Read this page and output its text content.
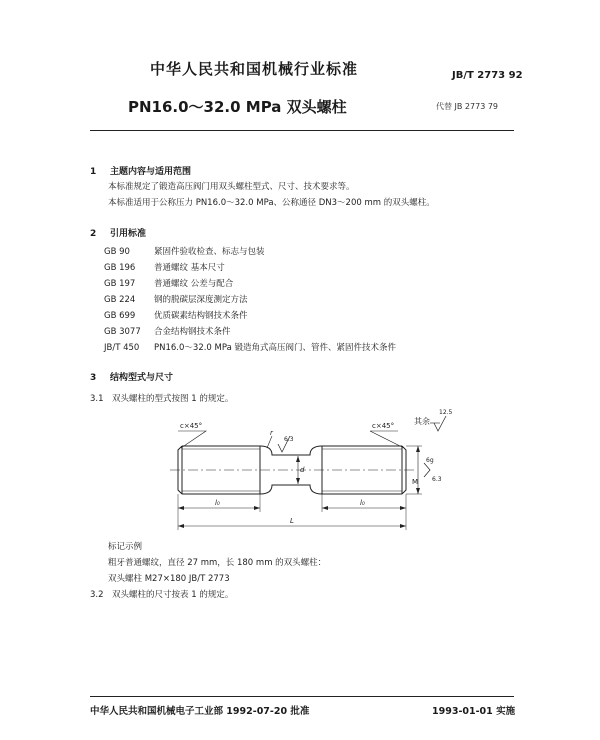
中华人民共和国机械行业标准	JB/T 2773 92
PN16.0～32.0 MPa 双头螺柱	代替 JB 2773 79
1 主题内容与适用范围
本标准规定了锻造高压阀门用双头螺柱型式、尺寸、技术要求等。
本标准适用于公称压力 PN16.0～32.0 MPa、公称通径 DN3～200 mm 的双头螺柱。
2 引用标准
GB 90	紧固件验收检查、标志与包装
GB 196 普通螺纹 基本尺寸
GB 197 普通螺纹 公差与配合
GB 224 钢的脱碳层深度测定方法
GB 699 优质碳素结构钢技术条件
GB 3077 合金结构钢技术条件
JB/T 450 PN16.0～32.0 MPa 锻造角式高压阀门、管件、紧固件技术条件
3 结构型式与尺寸
3.1 双头螺柱的型式按图 1 的规定。
c×45°	c×45° 其余
12.5
r
6.3
d
M
6g
6.3
l₀	l₀
L
标记示例
粗牙普通螺纹，直径 27 mm，长 180 mm 的双头螺柱：
双头螺柱 M27×180 JB/T 2773
3.2 双头螺柱的尺寸按表 1 的规定。
中华人民共和国机械电子工业部 1992-07-20 批准	1993-01-01 实施
